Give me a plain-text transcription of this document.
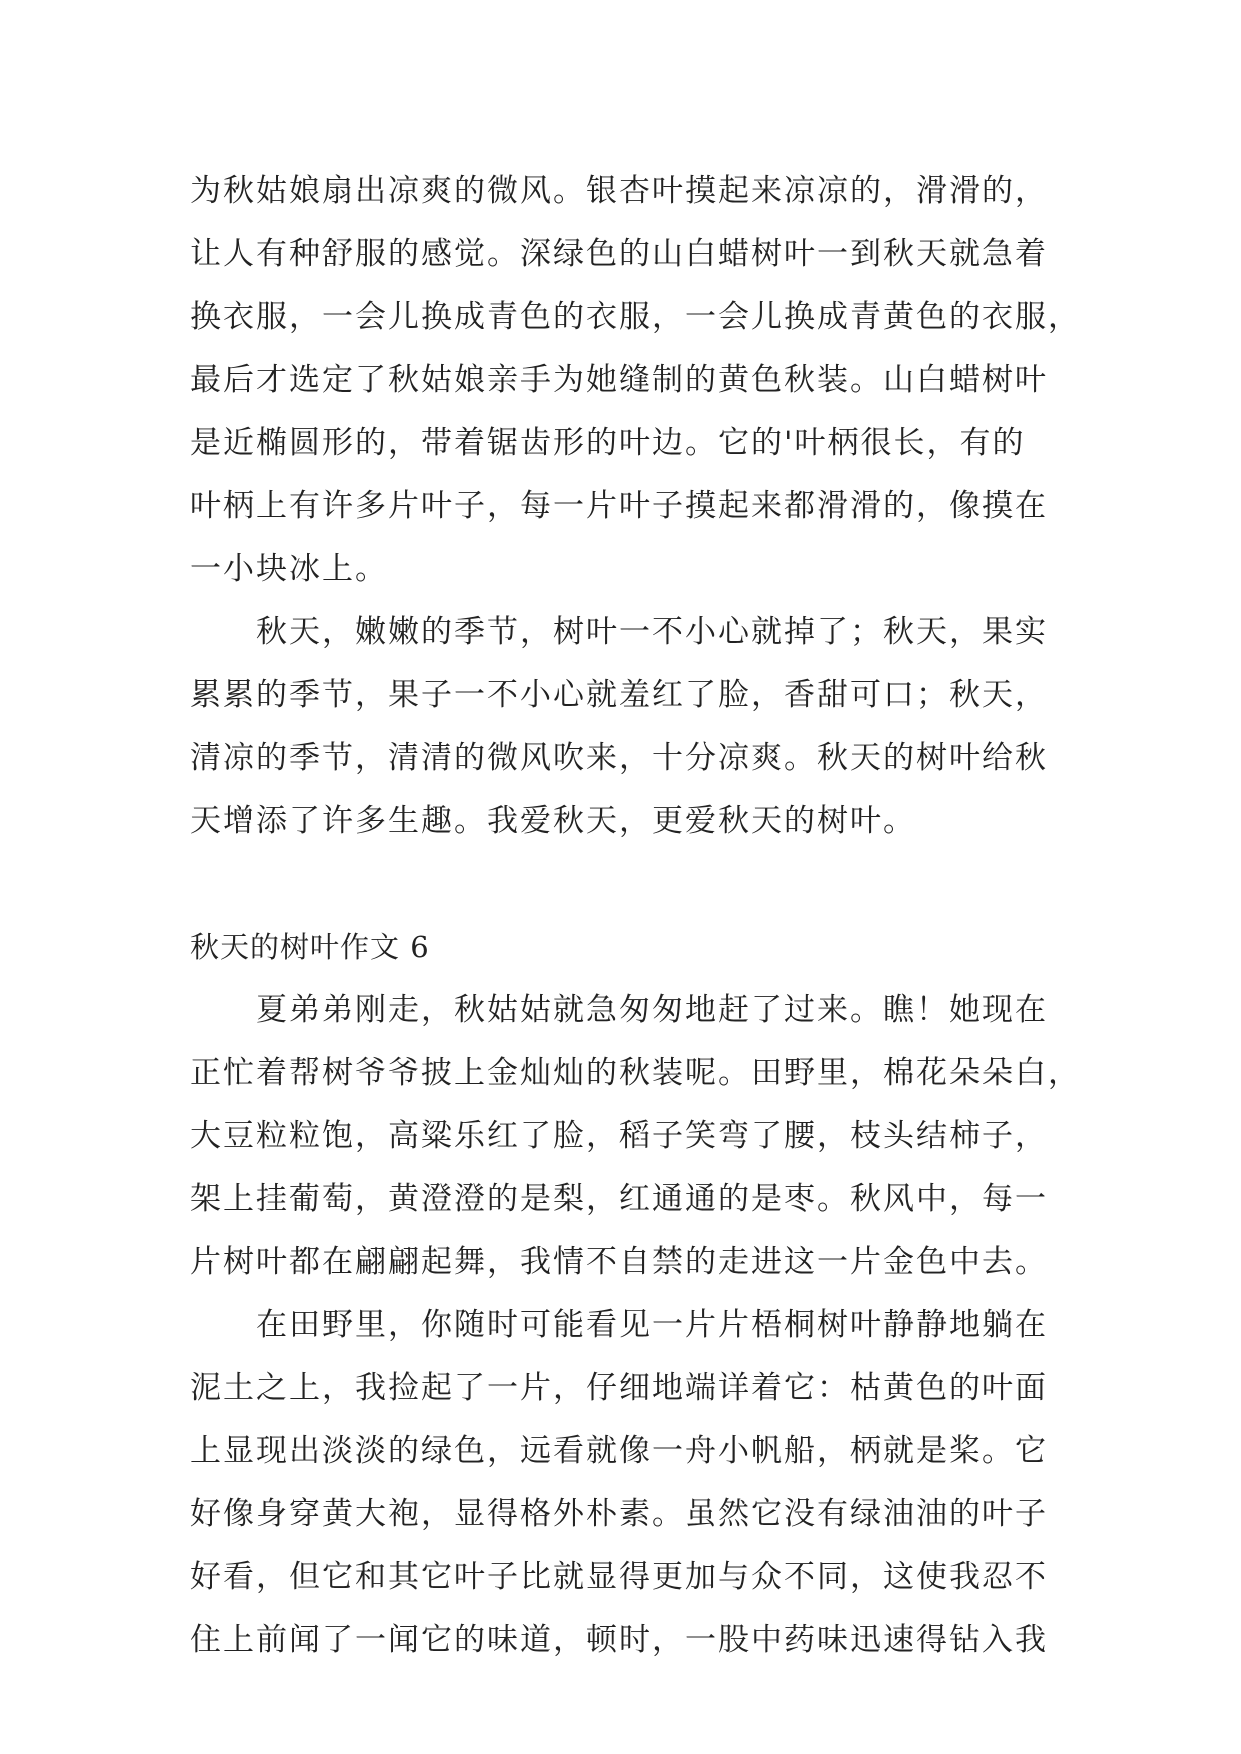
为秋姑娘扇出凉爽的微风。银杏叶摸起来凉凉的，滑滑的，
让人有种舒服的感觉。深绿色的山白蜡树叶一到秋天就急着
换衣服，一会儿换成青色的衣服，一会儿换成青黄色的衣服，
最后才选定了秋姑娘亲手为她缝制的黄色秋装。山白蜡树叶
是近椭圆形的，带着锯齿形的叶边。它的'叶柄很长，有的
叶柄上有许多片叶子，每一片叶子摸起来都滑滑的，像摸在
一小块冰上。
秋天，嫩嫩的季节，树叶一不小心就掉了；秋天，果实
累累的季节，果子一不小心就羞红了脸，香甜可口；秋天，
清凉的季节，清清的微风吹来，十分凉爽。秋天的树叶给秋
天增添了许多生趣。我爱秋天，更爱秋天的树叶。
秋天的树叶作文 6
夏弟弟刚走，秋姑姑就急匆匆地赶了过来。瞧！她现在
正忙着帮树爷爷披上金灿灿的秋装呢。田野里，棉花朵朵白，
大豆粒粒饱，高粱乐红了脸，稻子笑弯了腰，枝头结柿子，
架上挂葡萄，黄澄澄的是梨，红通通的是枣。秋风中，每一
片树叶都在翩翩起舞，我情不自禁的走进这一片金色中去。
在田野里，你随时可能看见一片片梧桐树叶静静地躺在
泥土之上，我捡起了一片，仔细地端详着它：枯黄色的叶面
上显现出淡淡的绿色，远看就像一舟小帆船，柄就是桨。它
好像身穿黄大袍，显得格外朴素。虽然它没有绿油油的叶子
好看，但它和其它叶子比就显得更加与众不同，这使我忍不
住上前闻了一闻它的味道，顿时，一股中药味迅速得钻入我
